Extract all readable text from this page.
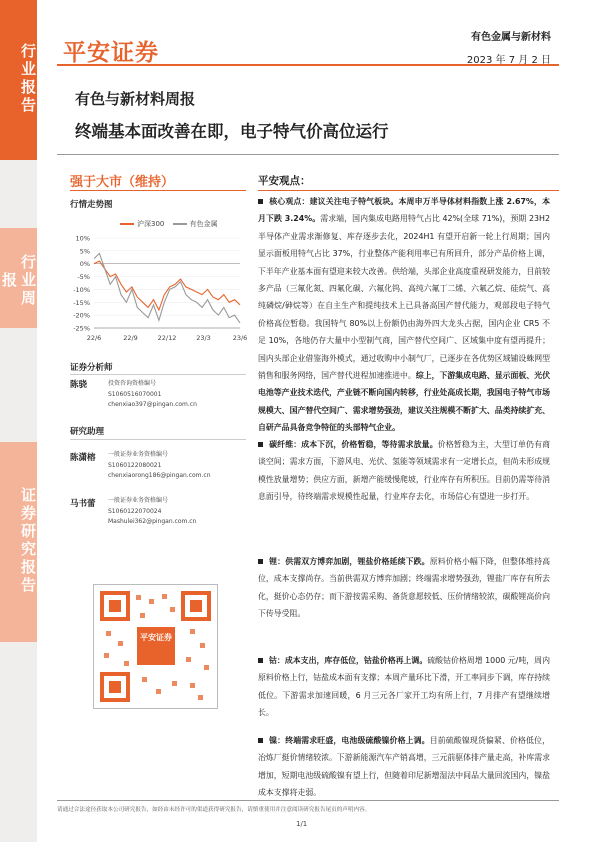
行业报告
行业周报
证券研究报告
平安证券
有色金属与新材料
2023 年 7 月 2 日
有色与新材料周报
终端基本面改善在即，电子特气价高位运行
强于大市（维持）
行情走势图
沪深300	有色金属
10%
5%
0%
-5%
-10%
-15%
-20%
-25%
22/6	22/9	22/12	23/3	23/6
证券分析师
陈骁	投资咨询资格编号
S1060516070001
chenxiao397@pingan.com.cn
研究助理
陈潇榕 一般证券业务资格编号
S1060122080021
chenxiaorong186@pingan.com.cn
马书蕾 一般证券业务资格编号
S1060122070024
Mashulei362@pingan.com.cn
平安证券
平安观点：
核心观点：建议关注电子特气板块。本周申万半导体材料指数上涨 2.67%，本月下跌 3.24%。需求端，国内集成电路用特气占比 42%(全球 71%)，预期 23H2 半导体产业需求渐修复、库存逐步去化，2024H1 有望开启新一轮上行周期；国内显示面板用特气占比 37%，行业整体产能利用率已有所回升，部分产品价格上调，下半年产业基本面有望迎来较大改善。供给端，头部企业高度重视研发能力，目前较多产品（三氟化氮、四氟化碳、六氟化钨、高纯六氟丁二烯、六氟乙烷、硅烷气、高纯磷烷/砷烷等）在自主生产和提纯技术上已具备高国产替代能力，观部段电子特气价格高位暂稳。我国特气 80%以上份额仍由海外四大龙头占据，国内企业 CR5 不足 10%，各地仍存大量中小型制气商，国产替代空间广、区域集中度有望再提升；国内头部企业借鉴海外模式，通过收购中小制气厂，已逐步在各优势区域铺设蛛网型销售和服务网络，国产替代进程加速推进中。综上，下游集成电路、显示面板、光伏电池等产业技术迭代，产业链不断向国内转移，行业处高成长期，我国电子特气市场规模大、国产替代空间广、需求增势强劲，建议关注规模不断扩大、品类持续扩充、自研产品具备竞争特征的头部特气企业。
碳纤维：成本下沉，价格暂稳，等待需求放量。价格暂稳为主，大型订单仍有商谈空间；需求方面，下游风电、光伏、氢能等领域需求有一定增长点，但尚未形成规模性放量增势；供应方面，新增产能缓慢爬坡，行业库存有所积压。目前仍需等待消息面引导，待终端需求规模性起量，行业库存去化，市场信心有望进一步打开。
锂：供需双方博弈加剧，锂盐价格延续下跌。原料价格小幅下降，但整体维持高位，成本支撑尚存。当前供需双方博弈加剧；终端需求增势强劲，锂盐厂库存有所去化，挺价心态仍存；而下游按需采购、备货意愿较低、压价情绪较浓，碳酸锂高价向下传导受阻。
钴：成本支出，库存低位，钴盐价格再上调。硫酸钴价格周增 1000 元/吨，周内原料价格上行，钴盐成本面有支撑；本周产量环比下滑，开工率同步下调，库存持续低位。下游需求加速回暖，6 月三元各厂家开工均有所上行，7 月排产有望继续增长。
镍：终端需求旺盛，电池级硫酸镍价格上调。目前硫酸镍现货偏紧、价格低位，冶炼厂挺价情绪较浓。下游新能源汽车产销高增，三元前驱体排产量走高，补库需求增加，短期电池级硫酸镍有望上行，但随着印尼新增湿法中间品大量回流国内，镍盐成本支撑将走弱。
请通过合法途径获取本公司研究报告，如经由未经许可的渠道获得研究报告，请慎重使用并注意阅读研究报告尾页的声明内容。
1/1
